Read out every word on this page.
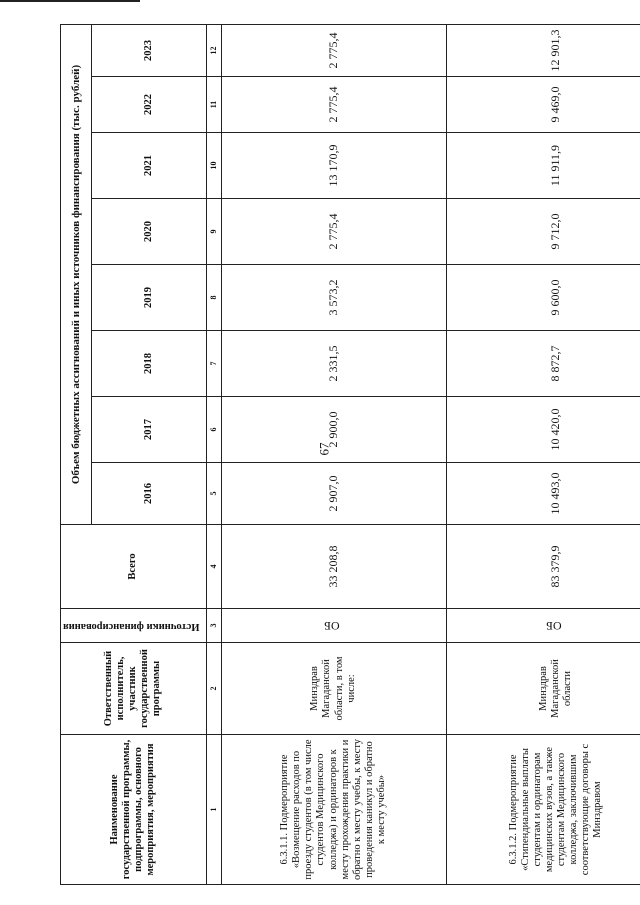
67
Наименование государственной программы, подпрограммы, основного мероприятия, мероприятия	Ответственный исполнитель, участник государственной программы	Источники финансирования	Всего	Объем бюджетных ассигнований и иных источников финансирования (тыс. рублей)							
				2016	2017	2018	2019	2020	2021	2022	2023
1	2	3	4	5	6	7	8	9	10	11	12
6.3.1.1. Подмероприятие «Возмещение расходов по проезду студентов (в том числе студентов Медицинского колледжа) и ординаторов к месту прохождения практики и обратно к месту учебы, к месту проведения каникул и обратно к месту учебы»	Минздрав Магаданской области, в том числе:	ОБ	33 208,8	2 907,0	2 900,0	2 331,5	3 573,2	2 775,4	13 170,9	2 775,4	2 775,4
6.3.1.2. Подмероприятие «Стипендиальные выплаты студентам и ординаторам медицинских вузов, а также студентам Медицинского колледжа, заключившим соответствующие договоры с Минздравом	Минздрав Магаданской области	ОБ	83 379,9	10 493,0	10 420,0	8 872,7	9 600,0	9 712,0	11 911,9	9 469,0	12 901,3
